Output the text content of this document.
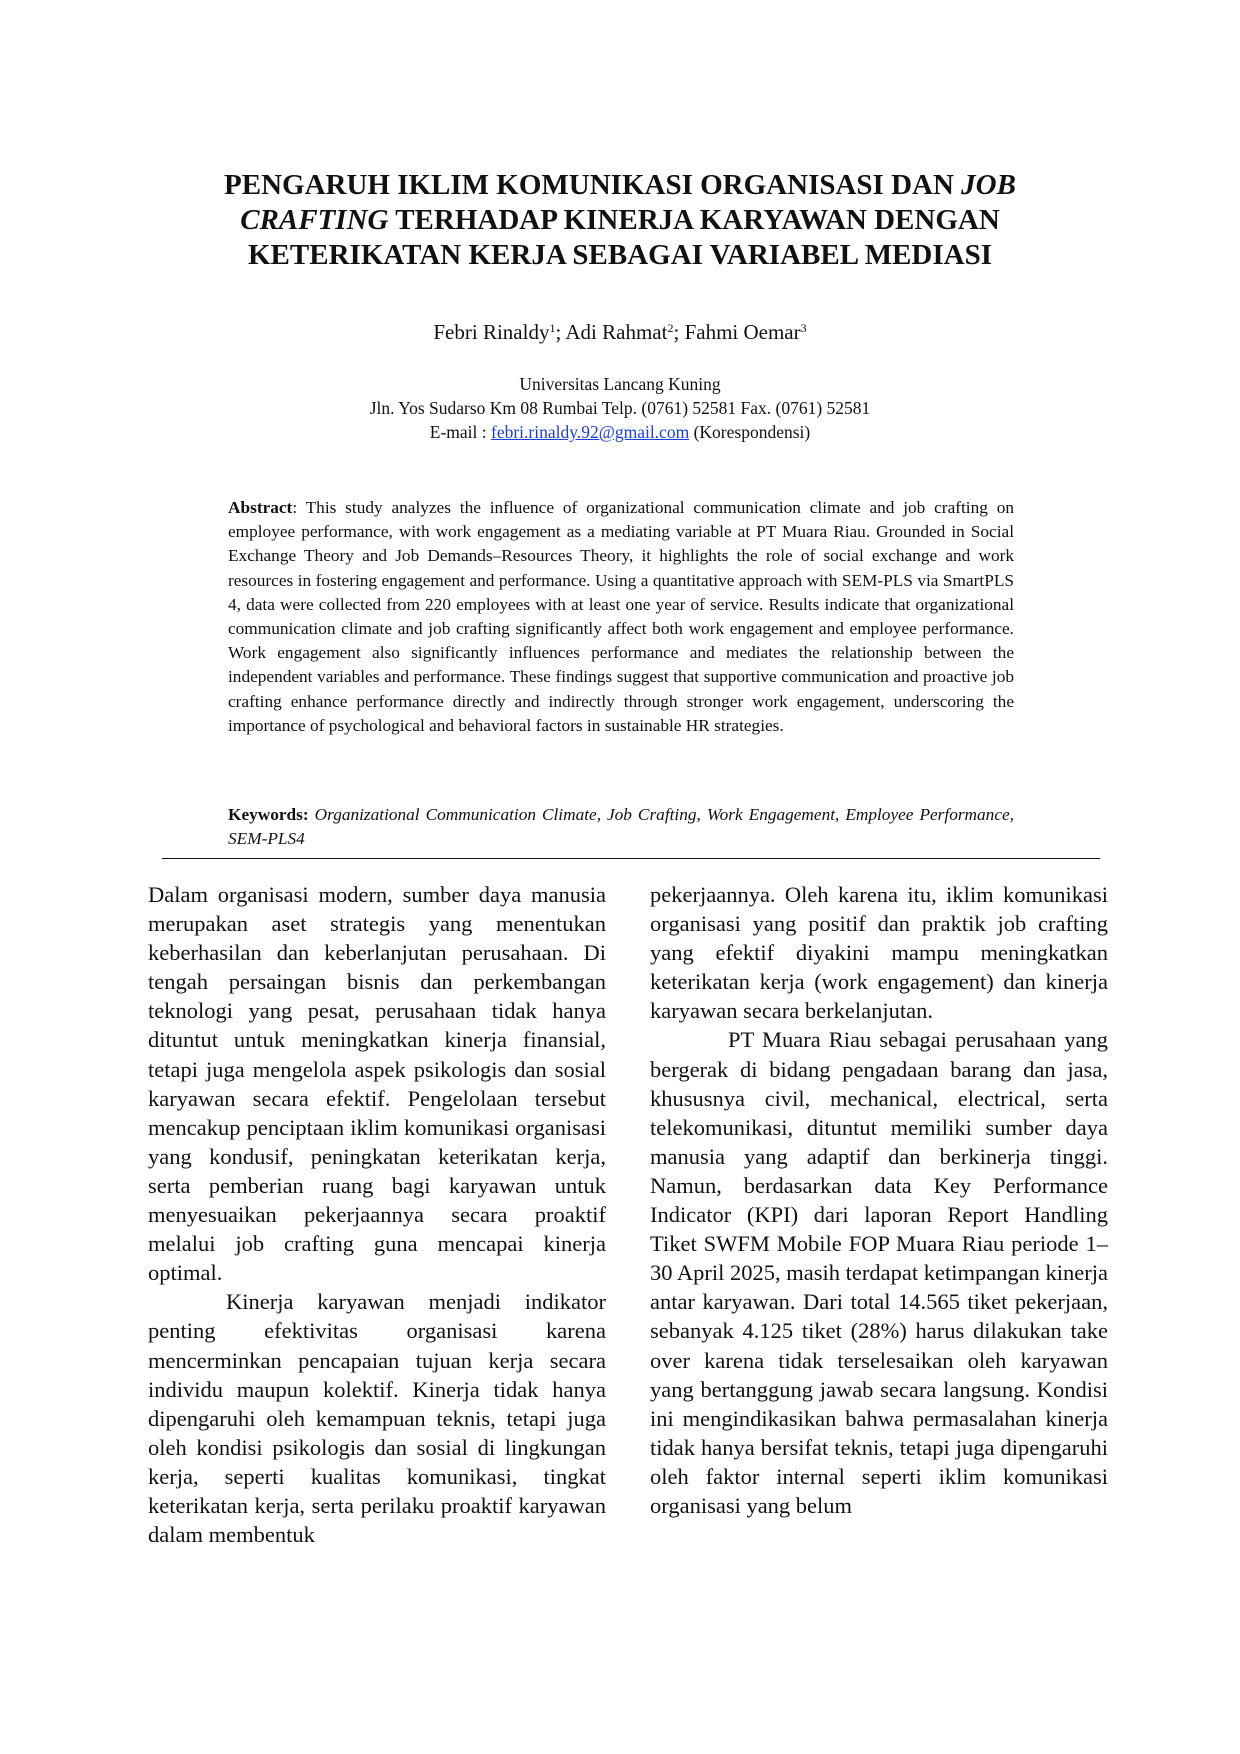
PENGARUH IKLIM KOMUNIKASI ORGANISASI DAN JOB CRAFTING TERHADAP KINERJA KARYAWAN DENGAN KETERIKATAN KERJA SEBAGAI VARIABEL MEDIASI
Febri Rinaldy$^1$; Adi Rahmat$^2$; Fahmi Oemar$^3$
Universitas Lancang Kuning
Jln. Yos Sudarso Km 08 Rumbai Telp. (0761) 52581 Fax. (0761) 52581
E-mail : febri.rinaldy.92@gmail.com (Korespondensi)

Abstract: This study analyzes the influence of organizational communication climate and job crafting on employee performance, with work engagement as a mediating variable at PT Muara Riau. Grounded in Social Exchange Theory and Job Demands–Resources Theory, it highlights the role of social exchange and work resources in fostering engagement and performance. Using a quantitative approach with SEM-PLS via SmartPLS 4, data were collected from 220 employees with at least one year of service. Results indicate that organizational communication climate and job crafting significantly affect both work engagement and employee performance. Work engagement also significantly influences performance and mediates the relationship between the independent variables and performance. These findings suggest that supportive communication and proactive job crafting enhance performance directly and indirectly through stronger work engagement, underscoring the importance of psychological and behavioral factors in sustainable HR strategies.

Keywords: Organizational Communication Climate, Job Crafting, Work Engagement, Employee Performance, SEM-PLS4

Dalam organisasi modern, sumber daya manusia merupakan aset strategis yang menentukan keberhasilan dan keberlanjutan perusahaan. Di tengah persaingan bisnis dan perkembangan teknologi yang pesat, perusahaan tidak hanya dituntut untuk meningkatkan kinerja finansial, tetapi juga mengelola aspek psikologis dan sosial karyawan secara efektif. Pengelolaan tersebut mencakup penciptaan iklim komunikasi organisasi yang kondusif, peningkatan keterikatan kerja, serta pemberian ruang bagi karyawan untuk menyesuaikan pekerjaannya secara proaktif melalui job crafting guna mencapai kinerja optimal.

Kinerja karyawan menjadi indikator penting efektivitas organisasi karena mencerminkan pencapaian tujuan kerja secara individu maupun kolektif. Kinerja tidak hanya dipengaruhi oleh kemampuan teknis, tetapi juga oleh kondisi psikologis dan sosial di lingkungan kerja, seperti kualitas komunikasi, tingkat keterikatan kerja, serta perilaku proaktif karyawan dalam membentuk

pekerjaannya. Oleh karena itu, iklim komunikasi organisasi yang positif dan praktik job crafting yang efektif diyakini mampu meningkatkan keterikatan kerja (work engagement) dan kinerja karyawan secara berkelanjutan.

PT Muara Riau sebagai perusahaan yang bergerak di bidang pengadaan barang dan jasa, khususnya civil, mechanical, electrical, serta telekomunikasi, dituntut memiliki sumber daya manusia yang adaptif dan berkinerja tinggi. Namun, berdasarkan data Key Performance Indicator (KPI) dari laporan Report Handling Tiket SWFM Mobile FOP Muara Riau periode 1–30 April 2025, masih terdapat ketimpangan kinerja antar karyawan. Dari total 14.565 tiket pekerjaan, sebanyak 4.125 tiket (28%) harus dilakukan take over karena tidak terselesaikan oleh karyawan yang bertanggung jawab secara langsung. Kondisi ini mengindikasikan bahwa permasalahan kinerja tidak hanya bersifat teknis, tetapi juga dipengaruhi oleh faktor internal seperti iklim komunikasi organisasi yang belum
